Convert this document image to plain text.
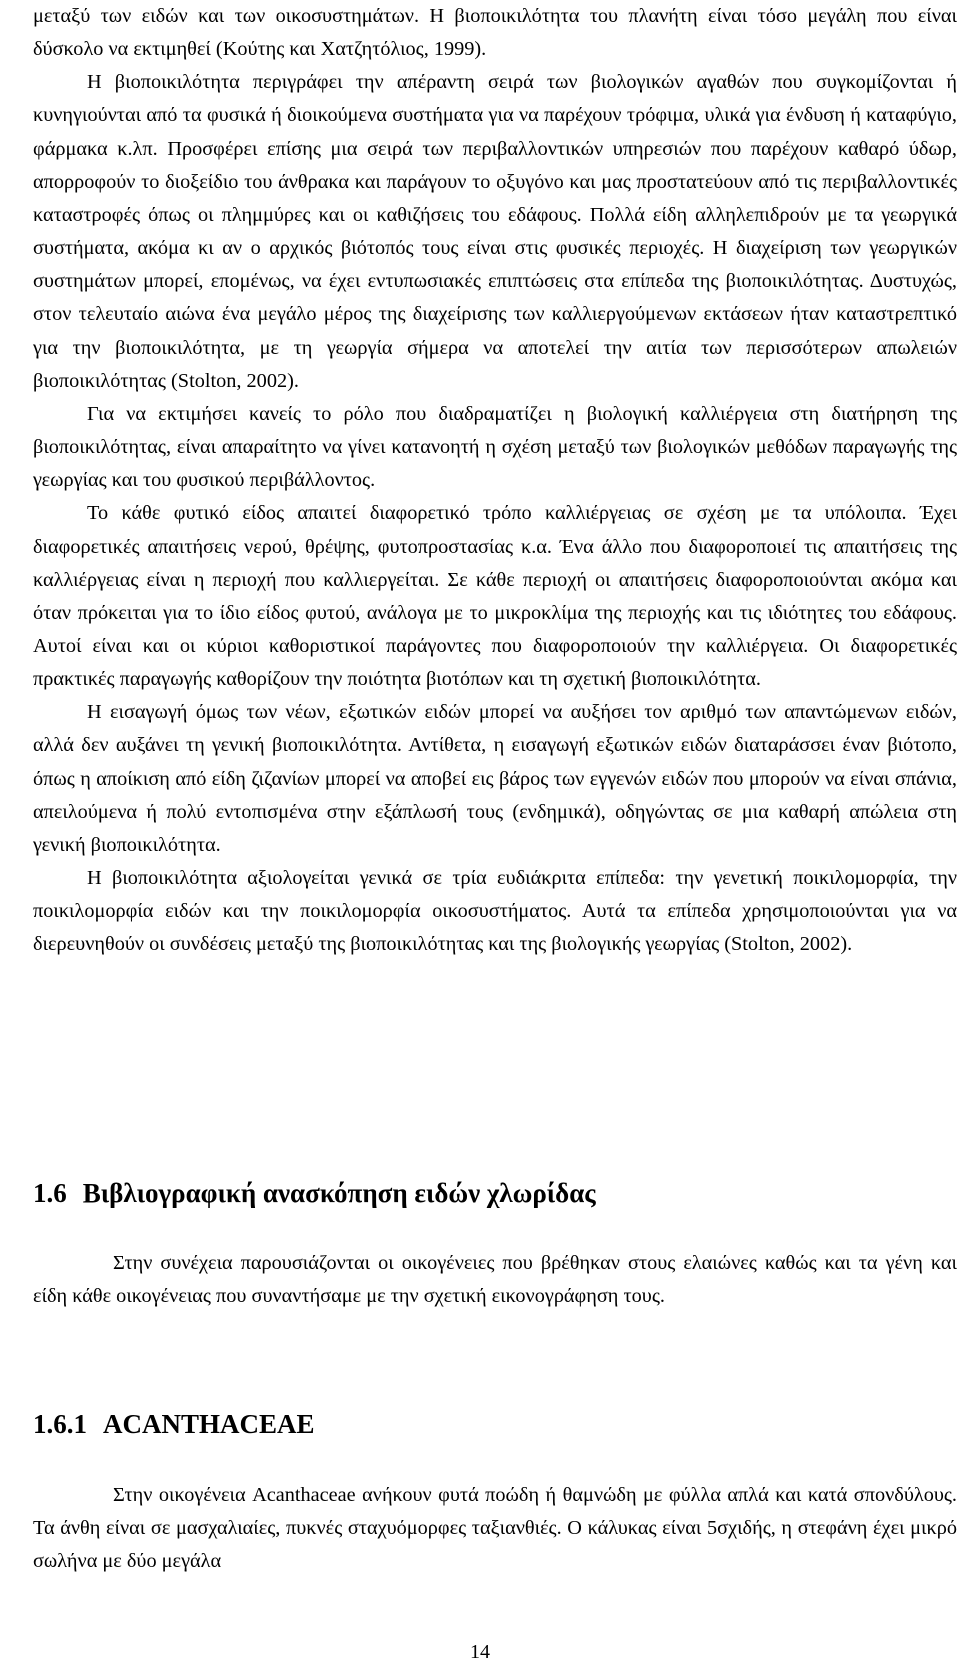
μεταξύ των ειδών και των οικοσυστημάτων. Η βιοποικιλότητα του πλανήτη είναι τόσο μεγάλη που είναι δύσκολο να εκτιμηθεί (Κούτης και Χατζητόλιος, 1999).

Η βιοποικιλότητα περιγράφει την απέραντη σειρά των βιολογικών αγαθών που συγκομίζονται ή κυνηγιούνται από τα φυσικά ή διοικούμενα συστήματα για να παρέχουν τρόφιμα, υλικά για ένδυση ή καταφύγιο, φάρμακα κ.λπ. Προσφέρει επίσης μια σειρά των περιβαλλοντικών υπηρεσιών που παρέχουν καθαρό ύδωρ, απορροφούν το διοξείδιο του άνθρακα και παράγουν το οξυγόνο και μας προστατεύουν από τις περιβαλλοντικές καταστροφές όπως οι πλημμύρες και οι καθιζήσεις του εδάφους. Πολλά είδη αλληλεπιδρούν με τα γεωργικά συστήματα, ακόμα κι αν ο αρχικός βιότοπός τους είναι στις φυσικές περιοχές. Η διαχείριση των γεωργικών συστημάτων μπορεί, επομένως, να έχει εντυπωσιακές επιπτώσεις στα επίπεδα της βιοποικιλότητας. Δυστυχώς, στον τελευταίο αιώνα ένα μεγάλο μέρος της διαχείρισης των καλλιεργούμενων εκτάσεων ήταν καταστρεπτικό για την βιοποικιλότητα, με τη γεωργία σήμερα να αποτελεί την αιτία των περισσότερων απωλειών βιοποικιλότητας (Stolton, 2002).

Για να εκτιμήσει κανείς το ρόλο που διαδραματίζει η βιολογική καλλιέργεια στη διατήρηση της βιοποικιλότητας, είναι απαραίτητο να γίνει κατανοητή η σχέση μεταξύ των βιολογικών μεθόδων παραγωγής της γεωργίας και του φυσικού περιβάλλοντος.

Το κάθε φυτικό είδος απαιτεί διαφορετικό τρόπο καλλιέργειας σε σχέση με τα υπόλοιπα. Έχει διαφορετικές απαιτήσεις νερού, θρέψης, φυτοπροστασίας κ.α. Ένα άλλο που διαφοροποιεί τις απαιτήσεις της καλλιέργειας είναι η περιοχή που καλλιεργείται. Σε κάθε περιοχή οι απαιτήσεις διαφοροποιούνται ακόμα και όταν πρόκειται για το ίδιο είδος φυτού, ανάλογα με το μικροκλίμα της περιοχής και τις ιδιότητες του εδάφους. Αυτοί είναι και οι κύριοι καθοριστικοί παράγοντες που διαφοροποιούν την καλλιέργεια. Οι διαφορετικές πρακτικές παραγωγής καθορίζουν την ποιότητα βιοτόπων και τη σχετική βιοποικιλότητα.

Η εισαγωγή όμως των νέων, εξωτικών ειδών μπορεί να αυξήσει τον αριθμό των απαντώμενων ειδών, αλλά δεν αυξάνει τη γενική βιοποικιλότητα. Αντίθετα, η εισαγωγή εξωτικών ειδών διαταράσσει έναν βιότοπο, όπως η αποίκιση από είδη ζιζανίων μπορεί να αποβεί εις βάρος των εγγενών ειδών που μπορούν να είναι σπάνια, απειλούμενα ή πολύ εντοπισμένα στην εξάπλωσή τους (ενδημικά), οδηγώντας σε μια καθαρή απώλεια στη γενική βιοποικιλότητα.

Η βιοποικιλότητα αξιολογείται γενικά σε τρία ευδιάκριτα επίπεδα: την γενετική ποικιλομορφία, την ποικιλομορφία ειδών και την ποικιλομορφία οικοσυστήματος. Αυτά τα επίπεδα χρησιμοποιούνται για να διερευνηθούν οι συνδέσεις μεταξύ της βιοποικιλότητας και της βιολογικής γεωργίας (Stolton, 2002).

1.6 Βιβλιογραφική ανασκόπηση ειδών χλωρίδας

Στην συνέχεια παρουσιάζονται οι οικογένειες που βρέθηκαν στους ελαιώνες καθώς και τα γένη και είδη κάθε οικογένειας που συναντήσαμε με την σχετική εικονογράφηση τους.

1.6.1 ACANTHACEAE

Στην οικογένεια Acanthaceae ανήκουν φυτά ποώδη ή θαμνώδη με φύλλα απλά και κατά σπονδύλους. Τα άνθη είναι σε μασχαλιαίες, πυκνές σταχυόμορφες ταξιανθιές. Ο κάλυκας είναι 5σχιδής, η στεφάνη έχει μικρό σωλήνα με δύο μεγάλα

14
